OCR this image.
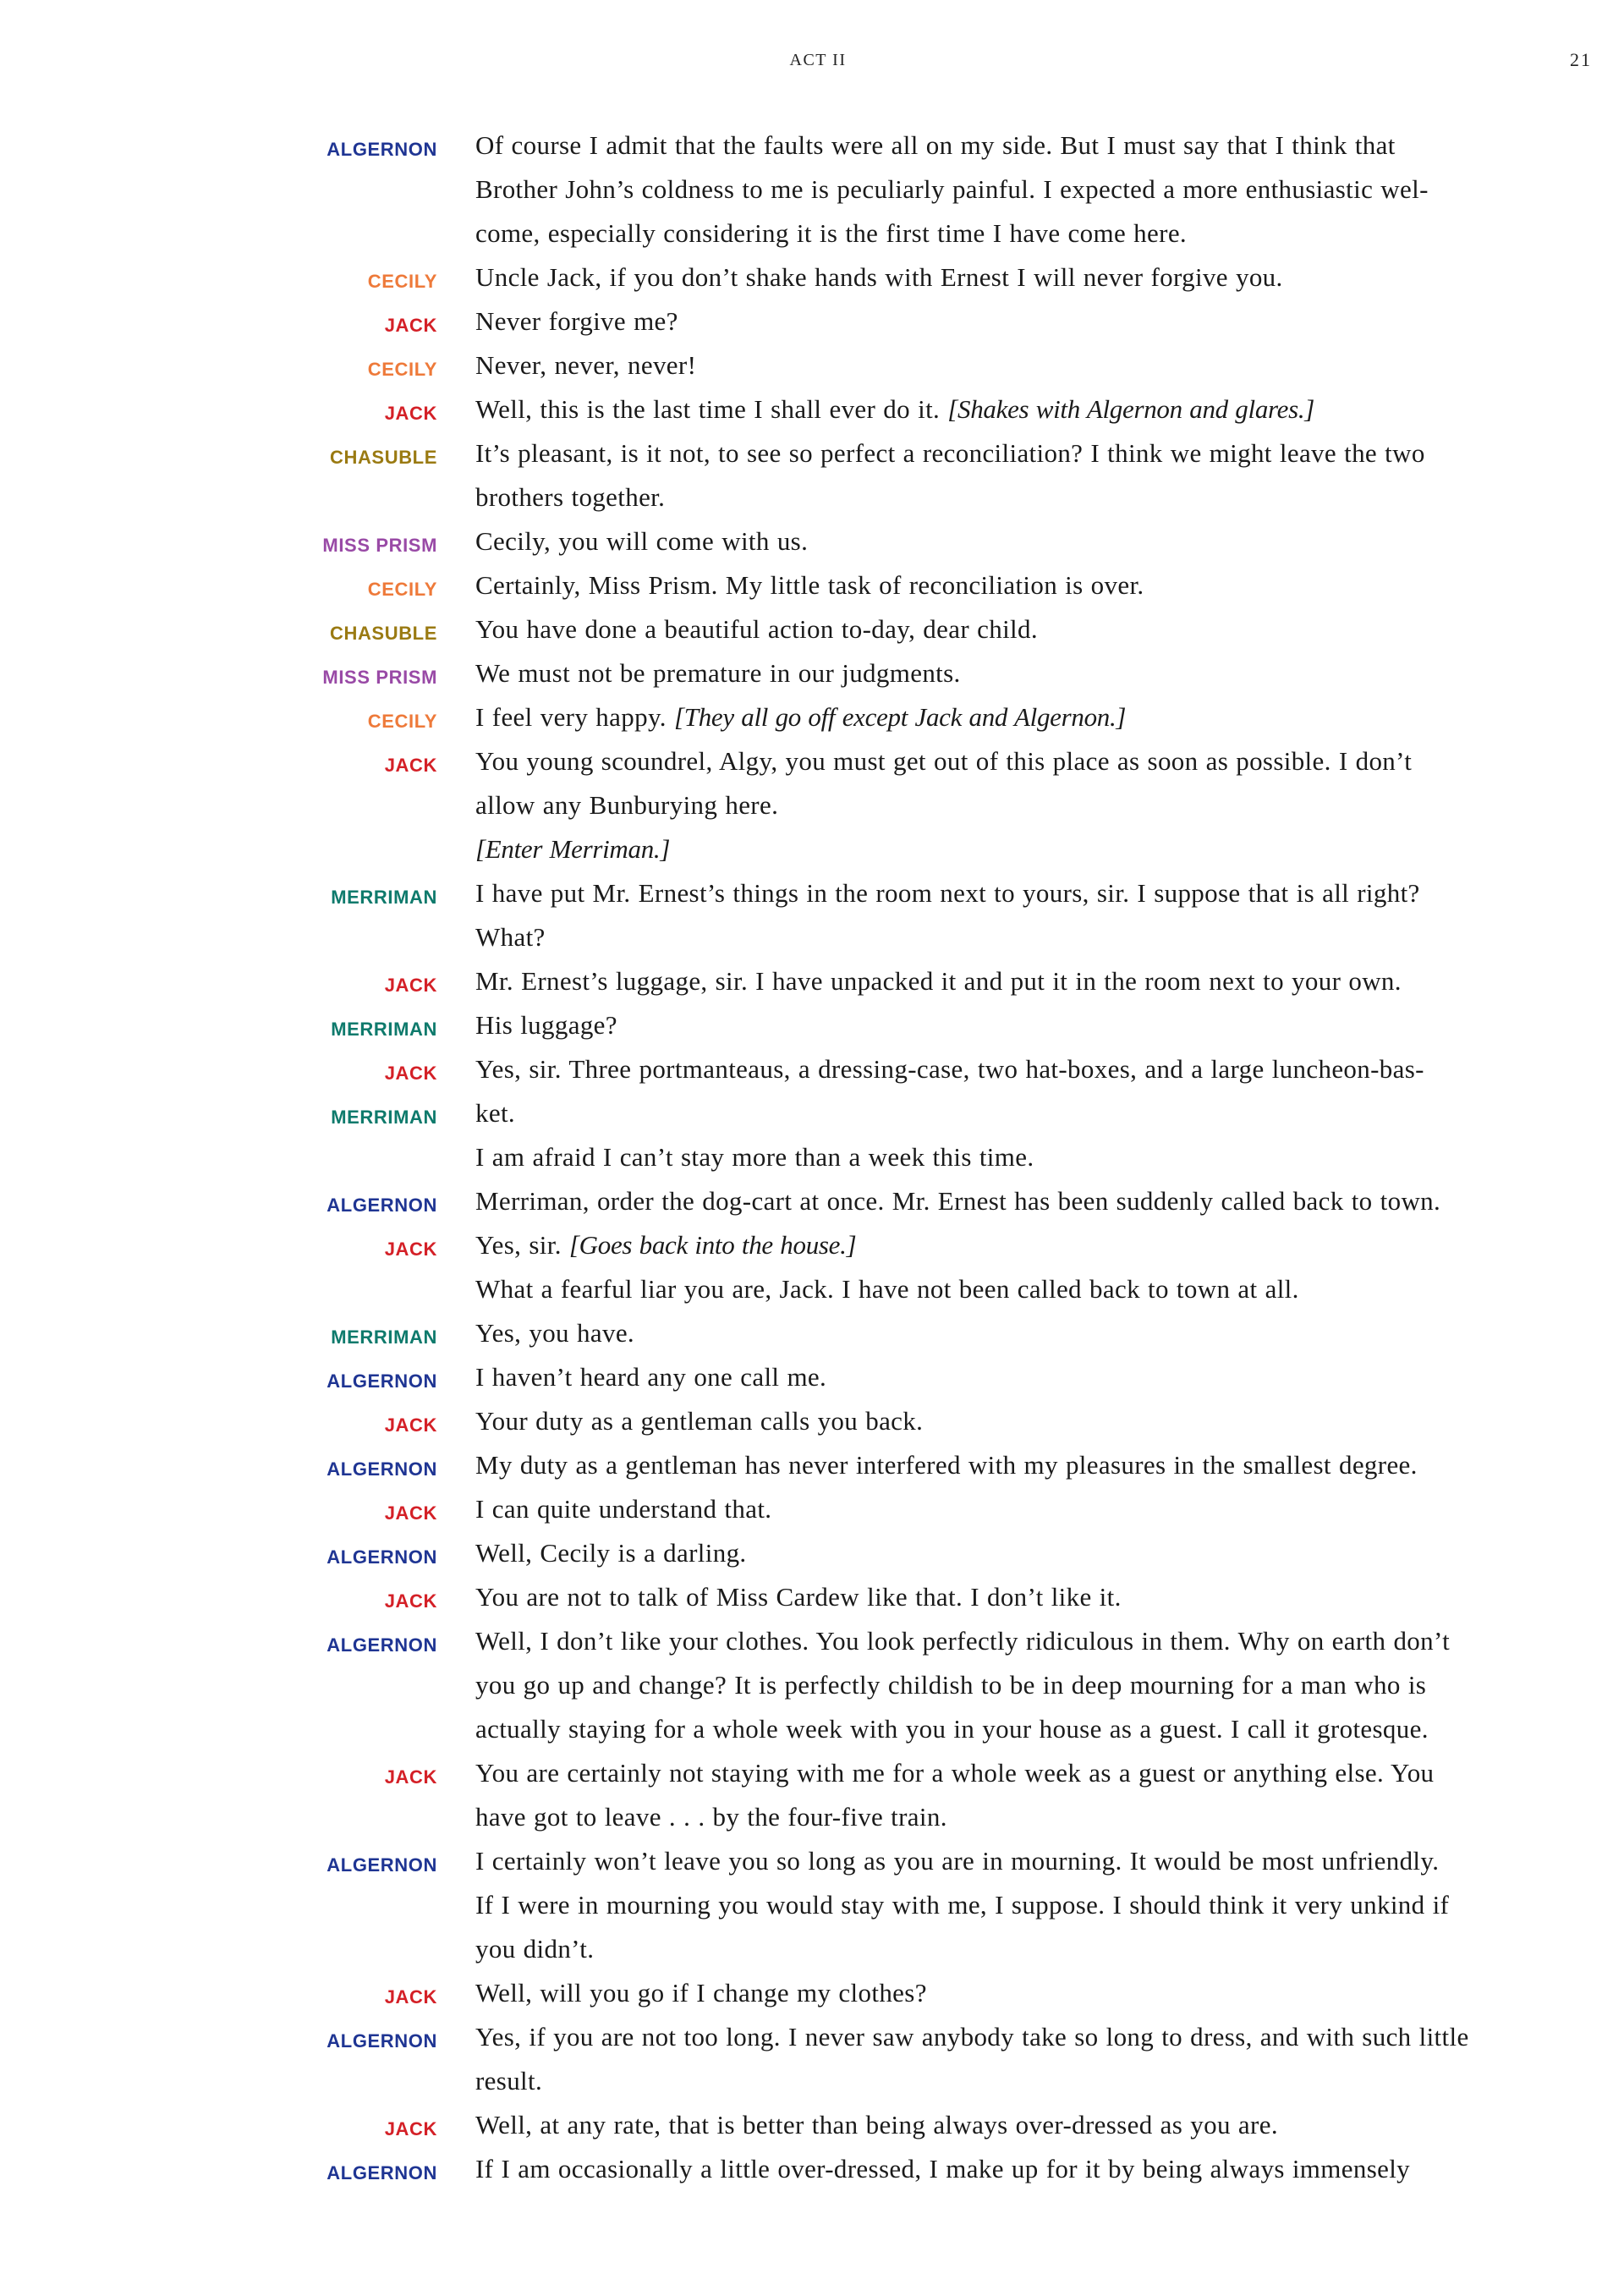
ACT II	21
ALGERNON Of course I admit that the faults were all on my side. But I must say that I think that
Brother John’s coldness to me is peculiarly painful. I expected a more enthusiastic wel-
come, especially considering it is the first time I have come here.
CECILY Uncle Jack, if you don’t shake hands with Ernest I will never forgive you.
JACK Never forgive me?
CECILY Never, never, never!
JACK Well, this is the last time I shall ever do it. [Shakes with Algernon and glares.]
CHASUBLE It’s pleasant, is it not, to see so perfect a reconciliation? I think we might leave the two
brothers together.
MISS PRISM Cecily, you will come with us.
CECILY Certainly, Miss Prism. My little task of reconciliation is over.
CHASUBLE You have done a beautiful action to-day, dear child.
MISS PRISM We must not be premature in our judgments.
CECILY I feel very happy. [They all go off except Jack and Algernon.]
JACK You young scoundrel, Algy, you must get out of this place as soon as possible. I don’t
allow any Bunburying here.
[Enter Merriman.]
MERRIMAN I have put Mr. Ernest’s things in the room next to yours, sir. I suppose that is all right?
What?
JACK Mr. Ernest’s luggage, sir. I have unpacked it and put it in the room next to your own.
MERRIMAN His luggage?
JACK Yes, sir. Three portmanteaus, a dressing-case, two hat-boxes, and a large luncheon-bas-
MERRIMAN ket.
I am afraid I can’t stay more than a week this time.
ALGERNON Merriman, order the dog-cart at once. Mr. Ernest has been suddenly called back to town.
JACK Yes, sir. [Goes back into the house.]
What a fearful liar you are, Jack. I have not been called back to town at all.
MERRIMAN Yes, you have.
ALGERNON I haven’t heard any one call me.
JACK Your duty as a gentleman calls you back.
ALGERNON My duty as a gentleman has never interfered with my pleasures in the smallest degree.
JACK I can quite understand that.
ALGERNON Well, Cecily is a darling.
JACK You are not to talk of Miss Cardew like that. I don’t like it.
ALGERNON Well, I don’t like your clothes. You look perfectly ridiculous in them. Why on earth don’t
you go up and change? It is perfectly childish to be in deep mourning for a man who is
actually staying for a whole week with you in your house as a guest. I call it grotesque.
JACK You are certainly not staying with me for a whole week as a guest or anything else. You
have got to leave . . . by the four-five train.
ALGERNON I certainly won’t leave you so long as you are in mourning. It would be most unfriendly.
If I were in mourning you would stay with me, I suppose. I should think it very unkind if
you didn’t.
JACK Well, will you go if I change my clothes?
ALGERNON Yes, if you are not too long. I never saw anybody take so long to dress, and with such little
result.
JACK Well, at any rate, that is better than being always over-dressed as you are.
ALGERNON If I am occasionally a little over-dressed, I make up for it by being always immensely
